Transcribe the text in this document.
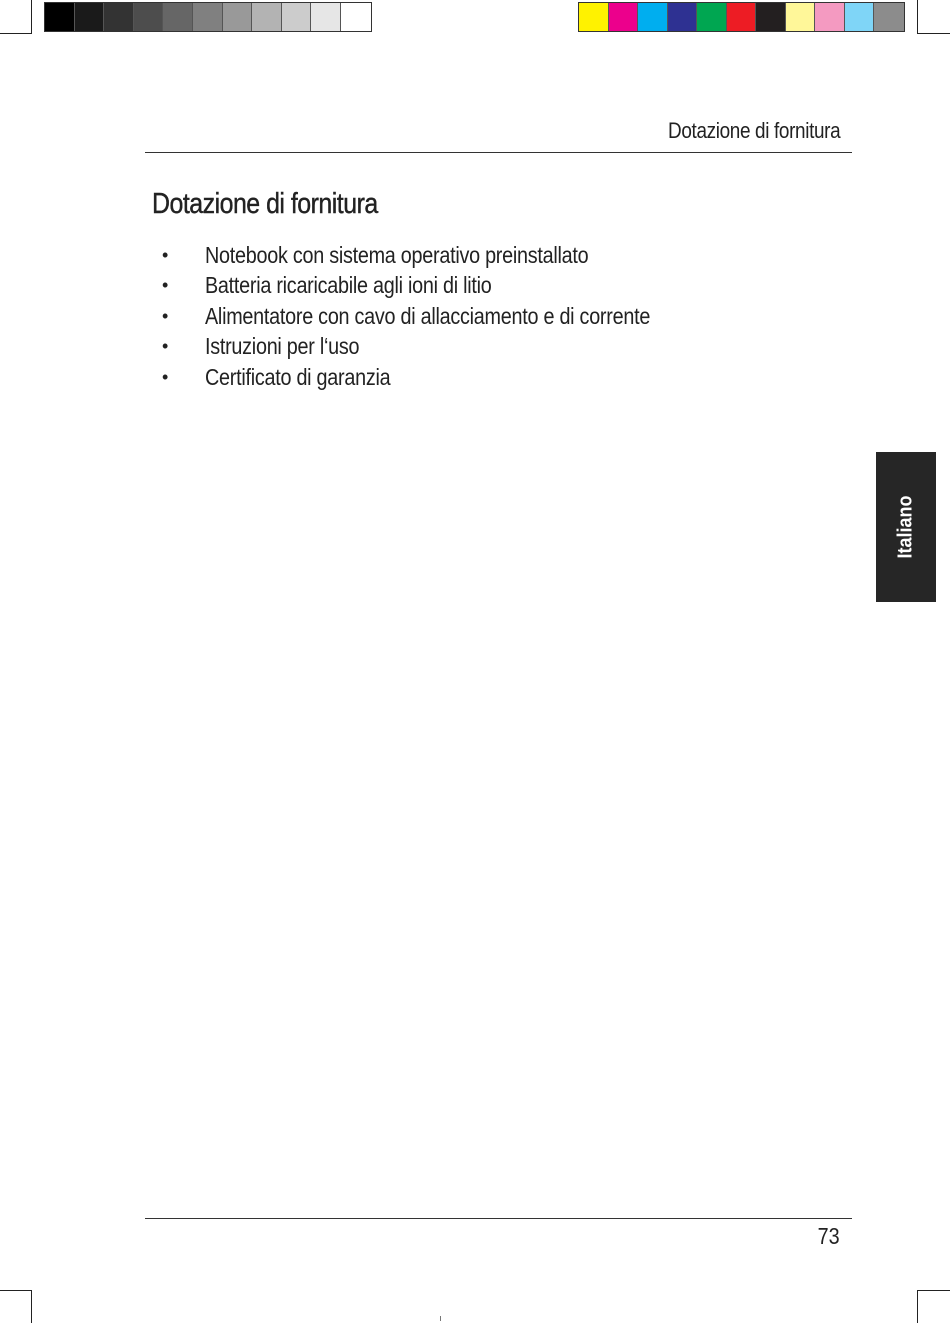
Dotazione di fornitura
Dotazione di fornitura
•	Notebook con sistema operativo preinstallato
•	Batteria ricaricabile agli ioni di litio
•	Alimentatore con cavo di allacciamento e di corrente
•	Istruzioni per l‘uso
•	Certificato di garanzia
Italiano
73
